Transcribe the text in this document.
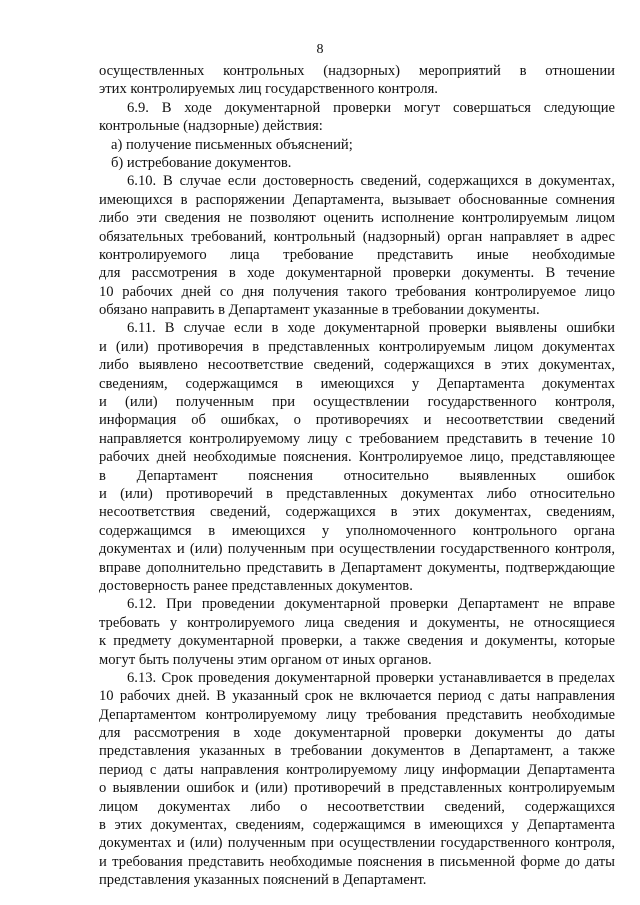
8
осуществленных контрольных (надзорных) мероприятий в отношении
этих контролируемых лиц государственного контроля.
6.9. В ходе документарной проверки могут совершаться следующие
контрольные (надзорные) действия:
а) получение письменных объяснений;
б) истребование документов.
6.10. В случае если достоверность сведений, содержащихся в документах,
имеющихся в распоряжении Департамента, вызывает обоснованные сомнения
либо эти сведения не позволяют оценить исполнение контролируемым лицом
обязательных требований, контрольный (надзорный) орган направляет в адрес
контролируемого лица требование представить иные необходимые
для рассмотрения в ходе документарной проверки документы. В течение
10 рабочих дней со дня получения такого требования контролируемое лицо
обязано направить в Департамент указанные в требовании документы.
6.11. В случае если в ходе документарной проверки выявлены ошибки
и (или) противоречия в представленных контролируемым лицом документах
либо выявлено несоответствие сведений, содержащихся в этих документах,
сведениям, содержащимся в имеющихся у Департамента документах
и (или) полученным при осуществлении государственного контроля,
информация об ошибках, о противоречиях и несоответствии сведений
направляется контролируемому лицу с требованием представить в течение 10
рабочих дней необходимые пояснения. Контролируемое лицо, представляющее
в Департамент пояснения относительно выявленных ошибок
и (или) противоречий в представленных документах либо относительно
несоответствия сведений, содержащихся в этих документах, сведениям,
содержащимся в имеющихся у уполномоченного контрольного органа
документах и (или) полученным при осуществлении государственного контроля,
вправе дополнительно представить в Департамент документы, подтверждающие
достоверность ранее представленных документов.
6.12. При проведении документарной проверки Департамент не вправе
требовать у контролируемого лица сведения и документы, не относящиеся
к предмету документарной проверки, а также сведения и документы, которые
могут быть получены этим органом от иных органов.
6.13. Срок проведения документарной проверки устанавливается в пределах
10 рабочих дней. В указанный срок не включается период с даты направления
Департаментом контролируемому лицу требования представить необходимые
для рассмотрения в ходе документарной проверки документы до даты
представления указанных в требовании документов в Департамент, а также
период с даты направления контролируемому лицу информации Департамента
о выявлении ошибок и (или) противоречий в представленных контролируемым
лицом документах либо о несоответствии сведений, содержащихся
в этих документах, сведениям, содержащимся в имеющихся у Департамента
документах и (или) полученным при осуществлении государственного контроля,
и требования представить необходимые пояснения в письменной форме до даты
представления указанных пояснений в Департамент.
